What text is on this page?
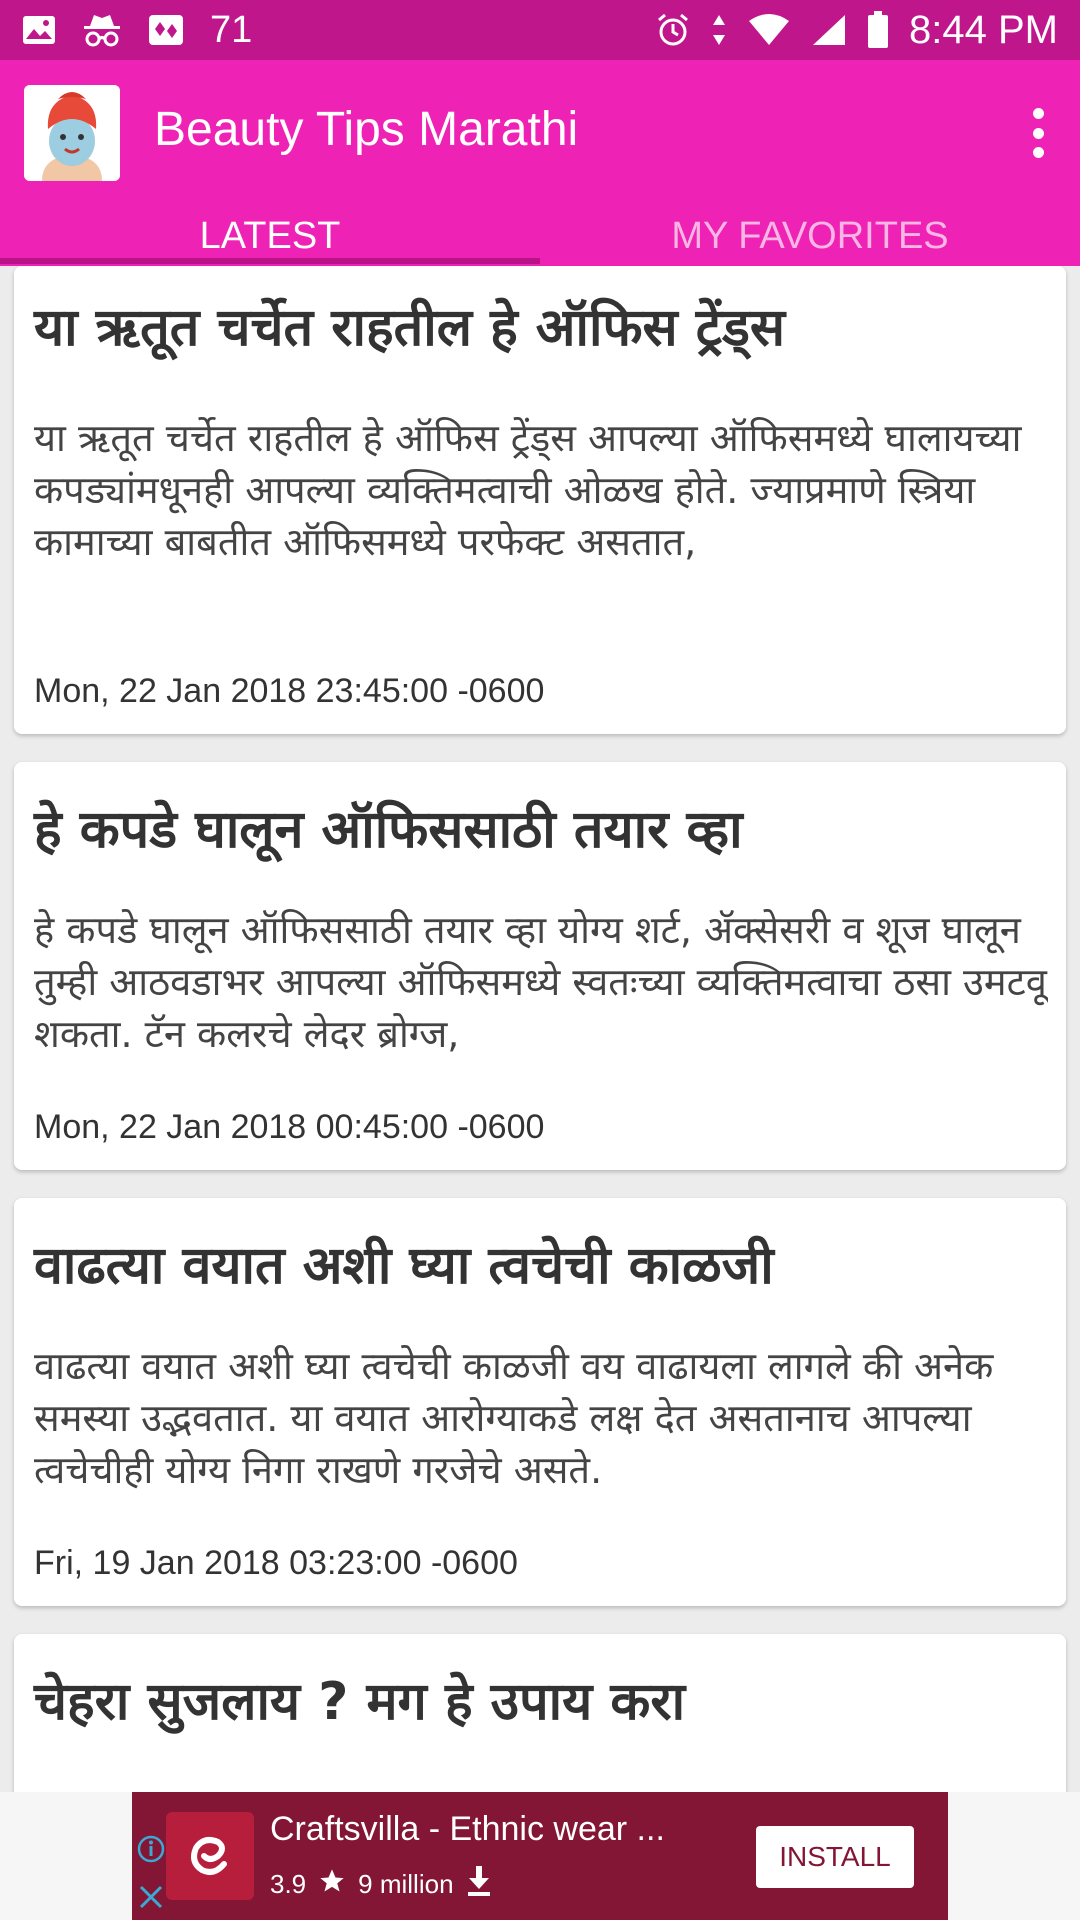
71	8:44 PM
Beauty Tips Marathi
LATEST	MY FAVORITES
या ऋतूत चर्चेत राहतील हे ऑफिस ट्रेंड्स
या ऋतूत चर्चेत राहतील हे ऑफिस ट्रेंड्स आपल्या ऑफिसमध्ये घालायच्या कपड्यांमधूनही आपल्या व्यक्तिमत्वाची ओळख होते. ज्याप्रमाणे स्त्रिया कामाच्या बाबतीत ऑफिसमध्ये परफेक्ट असतात,
Mon, 22 Jan 2018 23:45:00 -0600
हे कपडे घालून ऑफिससाठी तयार व्हा
हे कपडे घालून ऑफिससाठी तयार व्हा योग्य शर्ट, ॲक्सेसरी व शूज घालून तुम्ही आठवडाभर आपल्या ऑफिसमध्ये स्वतःच्या व्यक्तिमत्वाचा ठसा उमटवू शकता. टॅन कलरचे लेदर ब्रोग्ज,
Mon, 22 Jan 2018 00:45:00 -0600
वाढत्या वयात अशी घ्या त्वचेची काळजी
वाढत्या वयात अशी घ्या त्वचेची काळजी वय वाढायला लागले की अनेक समस्या उद्भवतात. या वयात आरोग्याकडे लक्ष देत असतानाच आपल्या त्वचेचीही योग्य निगा राखणे गरजेचे असते.
Fri, 19 Jan 2018 03:23:00 -0600
चेहरा सुजलाय ? मग हे उपाय करा
Craftsvilla - Ethnic wear ...
3.9 9 million
INSTALL
